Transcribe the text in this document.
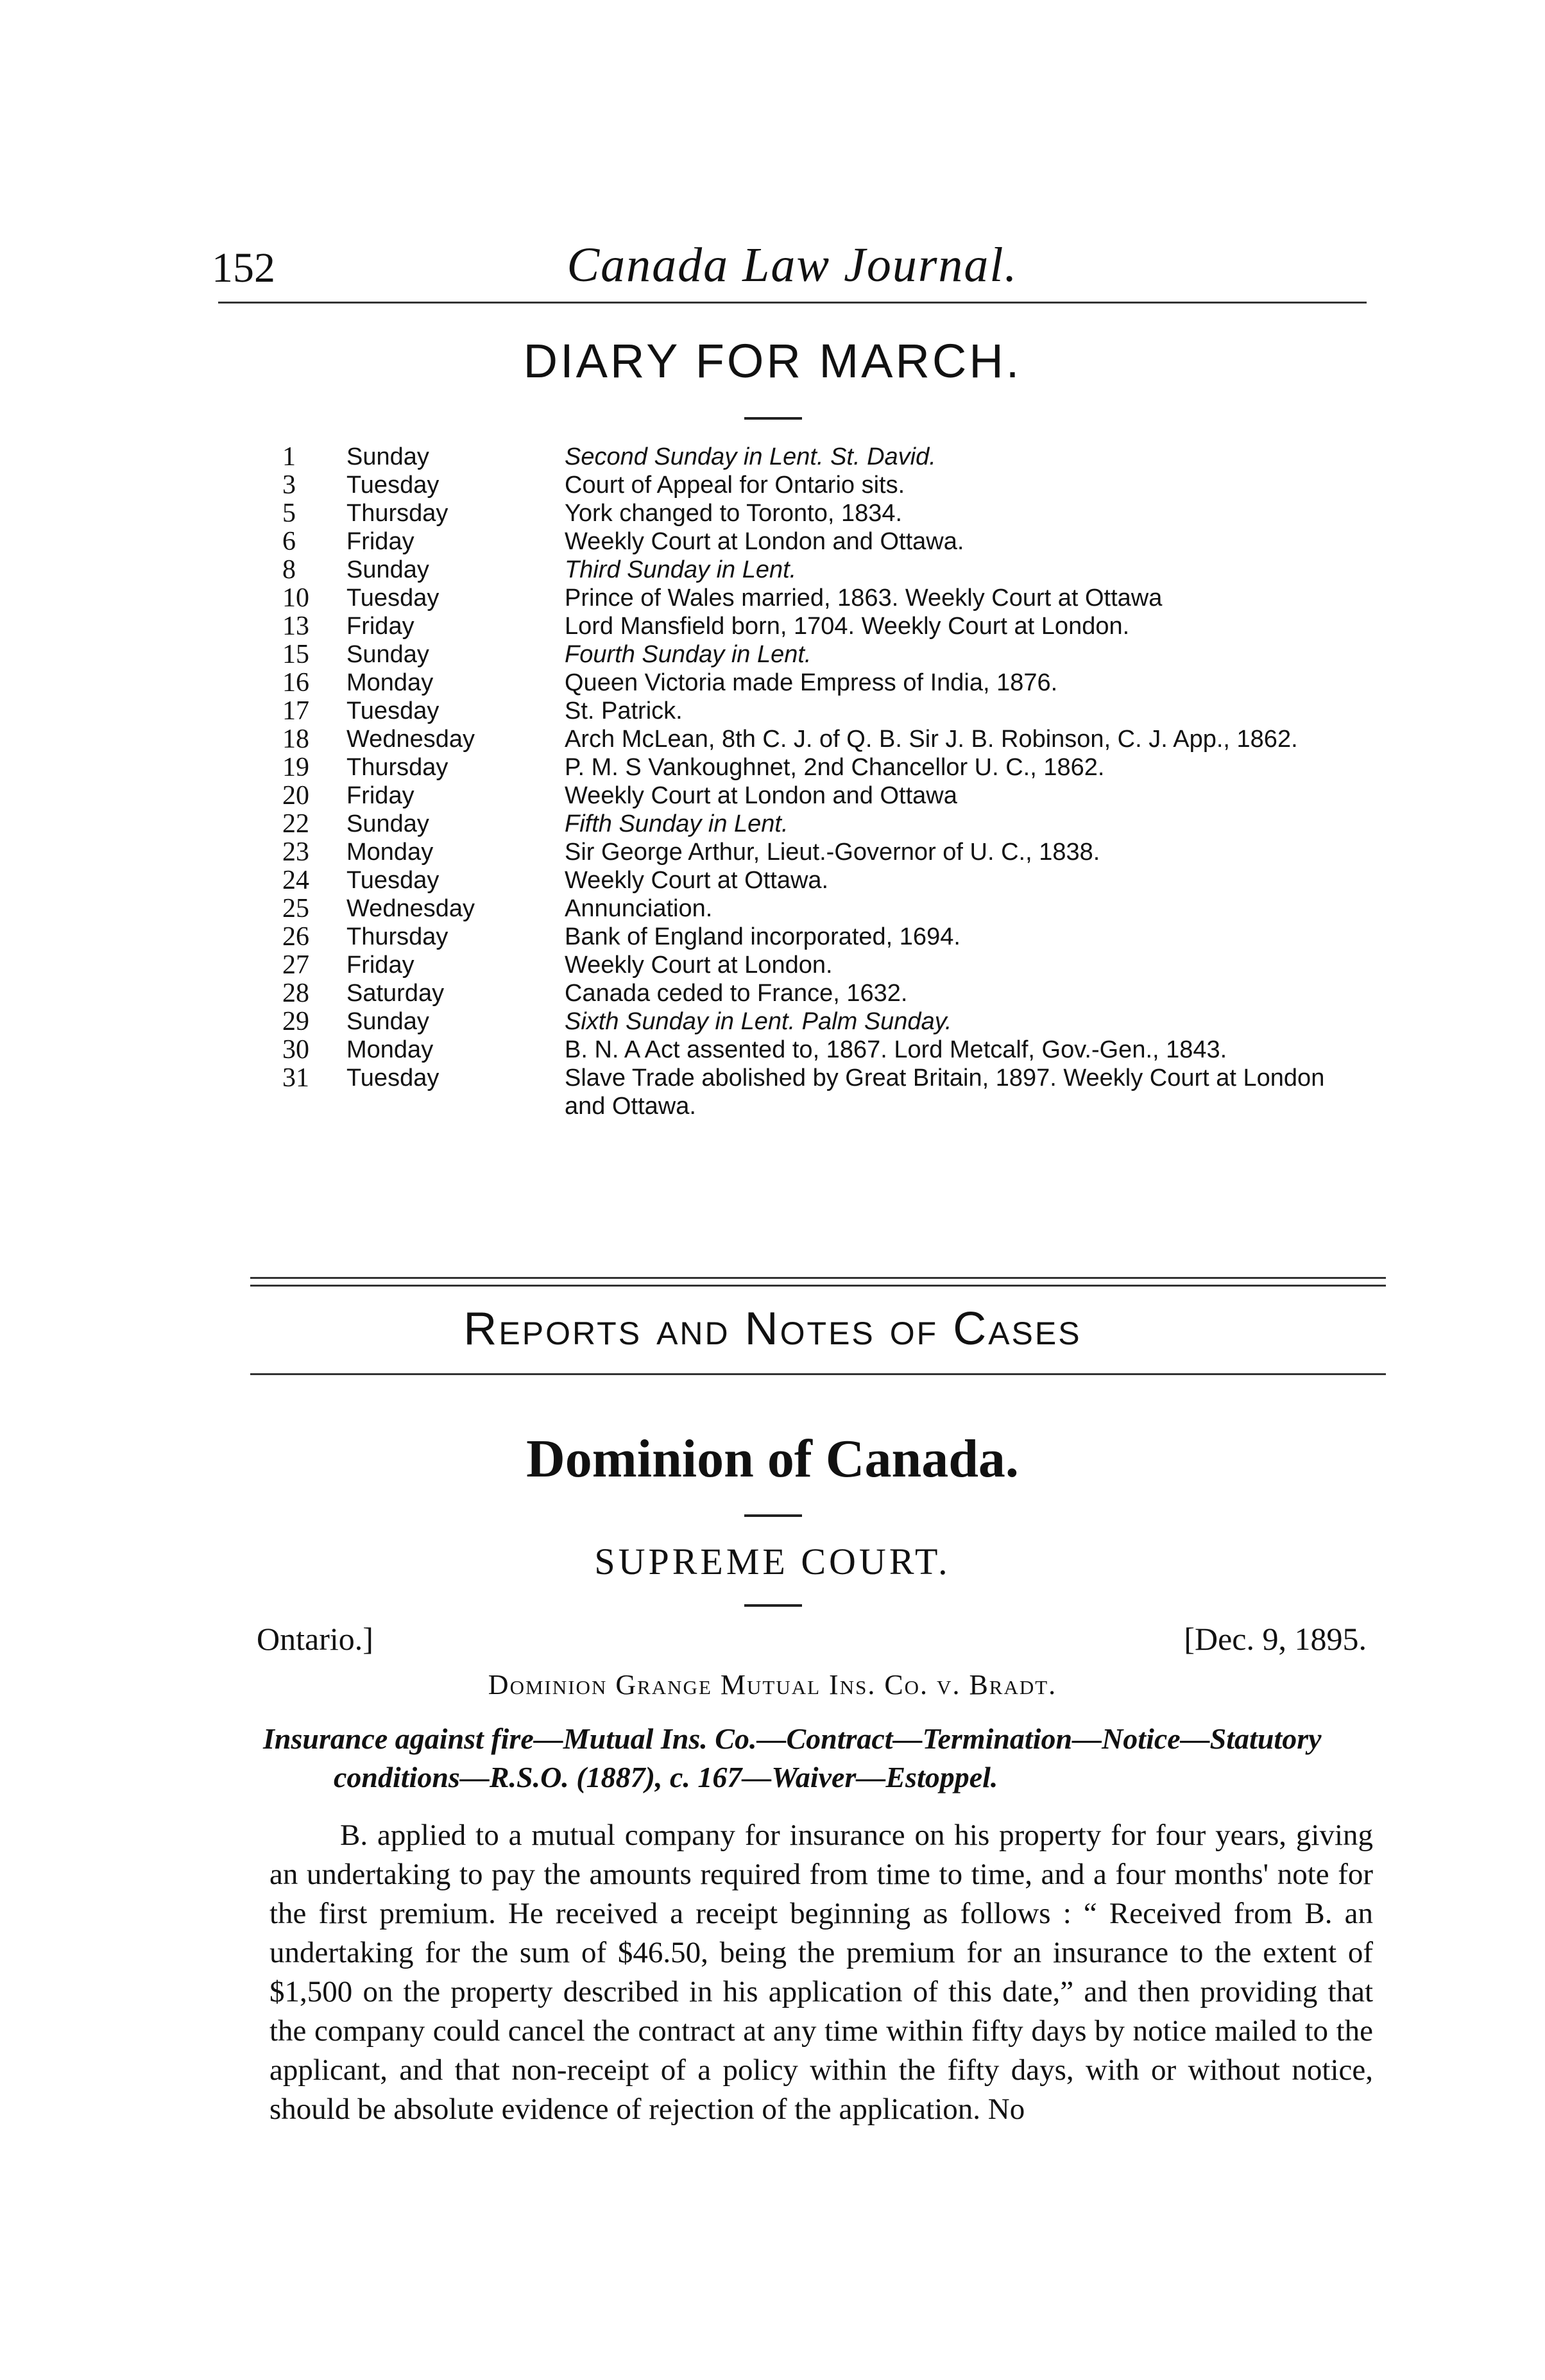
152	Canada Law Journal.
DIARY FOR MARCH.
1	Sunday	Second Sunday in Lent. St. David.
3	Tuesday	Court of Appeal for Ontario sits.
5	Thursday	York changed to Toronto, 1834.
6	Friday	Weekly Court at London and Ottawa.
8	Sunday	Third Sunday in Lent.
10	Tuesday	Prince of Wales married, 1863. Weekly Court at Ottawa
13	Friday	Lord Mansfield born, 1704. Weekly Court at London.
15	Sunday	Fourth Sunday in Lent.
16	Monday	Queen Victoria made Empress of India, 1876.
17	Tuesday	St. Patrick.
18	Wednesday	Arch McLean, 8th C. J. of Q. B. Sir J. B. Robinson, C. J. App., 1862.
19	Thursday	P. M. S Vankoughnet, 2nd Chancellor U. C., 1862.
20	Friday	Weekly Court at London and Ottawa
22	Sunday	Fifth Sunday in Lent.
23	Monday	Sir George Arthur, Lieut.-Governor of U. C., 1838.
24	Tuesday	Weekly Court at Ottawa.
25	Wednesday	Annunciation.
26	Thursday	Bank of England incorporated, 1694.
27	Friday	Weekly Court at London.
28	Saturday	Canada ceded to France, 1632.
29	Sunday	Sixth Sunday in Lent. Palm Sunday.
30	Monday	B. N. A Act assented to, 1867. Lord Metcalf, Gov.-Gen., 1843.
31	Tuesday	Slave Trade abolished by Great Britain, 1897. Weekly Court at London and Ottawa.
Reports and Notes of Cases
Dominion of Canada.
SUPREME COURT.
Ontario.]	[Dec. 9, 1895.
Dominion Grange Mutual Ins. Co. v. Bradt.
Insurance against fire—Mutual Ins. Co.—Contract—Termination—Notice—Statutory conditions—R.S.O. (1887), c. 167—Waiver—Estoppel.
B. applied to a mutual company for insurance on his property for four years, giving an undertaking to pay the amounts required from time to time, and a four months' note for the first premium. He received a receipt beginning as follows : “ Received from B. an undertaking for the sum of $46.50, being the premium for an insurance to the extent of $1,500 on the property described in his application of this date,” and then providing that the company could cancel the contract at any time within fifty days by notice mailed to the applicant, and that non-receipt of a policy within the fifty days, with or without notice, should be absolute evidence of rejection of the application. No
